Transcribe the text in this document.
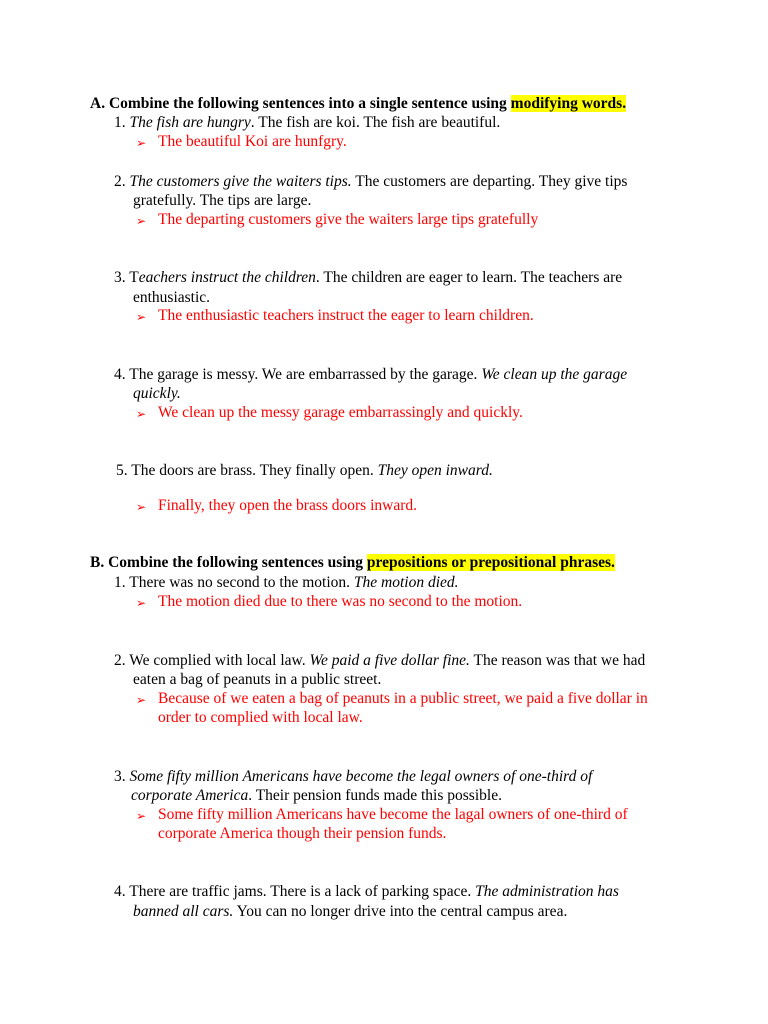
A. Combine the following sentences into a single sentence using modifying words.
1. The fish are hungry. The fish are koi. The fish are beautiful.
➢ The beautiful Koi are hunfgry.
2. The customers give the waiters tips. The customers are departing. They give tips
gratefully. The tips are large.
➢ The departing customers give the waiters large tips gratefully
3. Teachers instruct the children. The children are eager to learn. The teachers are
enthusiastic.
➢ The enthusiastic teachers instruct the eager to learn children.
4. The garage is messy. We are embarrassed by the garage. We clean up the garage
quickly.
➢ We clean up the messy garage embarrassingly and quickly.
5. The doors are brass. They finally open. They open inward.
➢ Finally, they open the brass doors inward.
B. Combine the following sentences using prepositions or prepositional phrases.
1. There was no second to the motion. The motion died.
➢ The motion died due to there was no second to the motion.
2. We complied with local law. We paid a five dollar fine. The reason was that we had
eaten a bag of peanuts in a public street.
➢ Because of we eaten a bag of peanuts in a public street, we paid a five dollar in
order to complied with local law.
3. Some fifty million Americans have become the legal owners of one-third of
corporate America. Their pension funds made this possible.
➢ Some fifty million Americans have become the lagal owners of one-third of
corporate America though their pension funds.
4. There are traffic jams. There is a lack of parking space. The administration has
banned all cars. You can no longer drive into the central campus area.
